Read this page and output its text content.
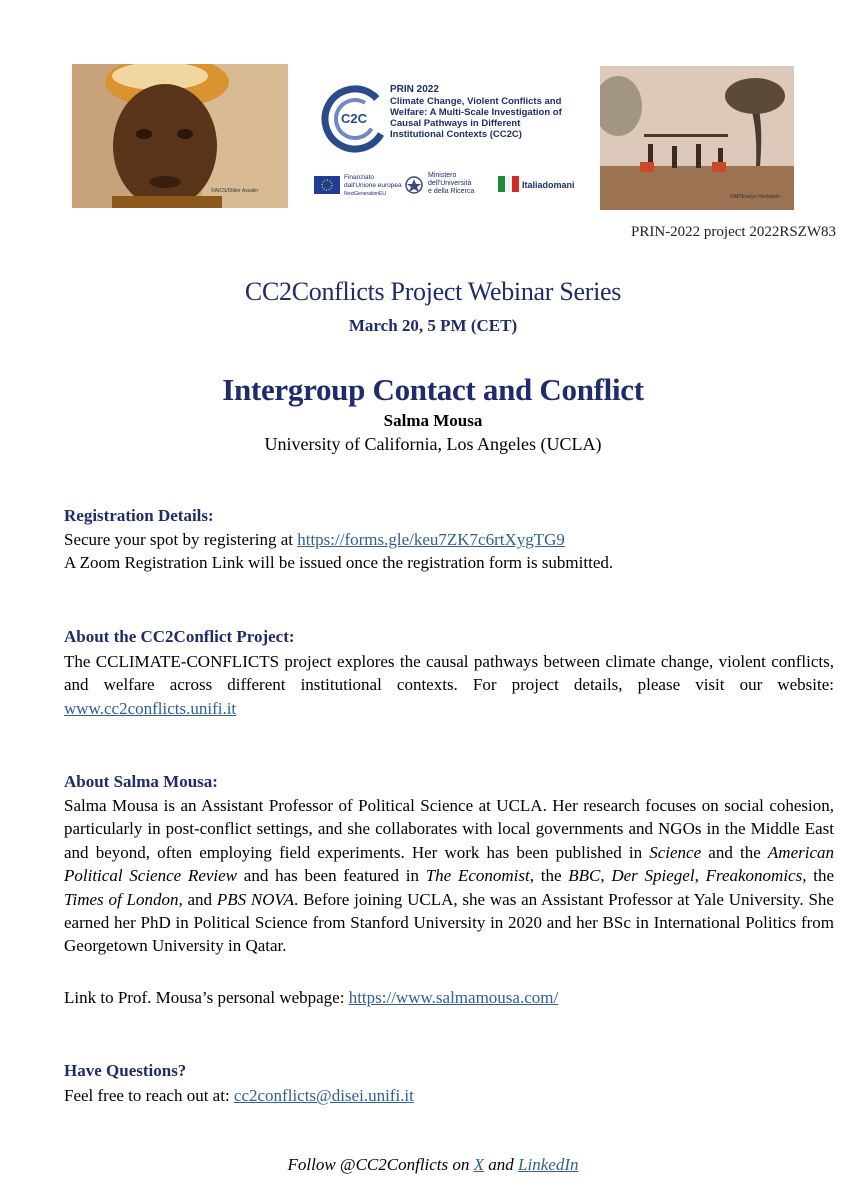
©AICS/Didier Assalin
©AP/Evelyn Hockstein
C2C
PRIN 2022
Climate Change, Violent Conflicts and
Welfare: A Multi-Scale Investigation of
Causal Pathways in Different
Institutional Contexts (CC2C)
Finanziato
dall'Unione europea
NextGenerationEU
Ministero
dell'Università
e della Ricerca
Italiadomani
PRIN-2022 project 2022RSZW83
CC2Conflicts Project Webinar Series
March 20, 5 PM (CET)
Intergroup Contact and Conflict
Salma Mousa
University of California, Los Angeles (UCLA)
Registration Details:
Secure your spot by registering at https://forms.gle/keu7ZK7c6rtXygTG9
A Zoom Registration Link will be issued once the registration form is submitted.
About the CC2Conflict Project:
The CCLIMATE-CONFLICTS project explores the causal pathways between climate change, violent conflicts, and welfare across different institutional contexts. For project details, please visit our website: www.cc2conflicts.unifi.it
About Salma Mousa:
Salma Mousa is an Assistant Professor of Political Science at UCLA. Her research focuses on social cohesion, particularly in post-conflict settings, and she collaborates with local governments and NGOs in the Middle East and beyond, often employing field experiments. Her work has been published in Science and the American Political Science Review and has been featured in The Economist, the BBC, Der Spiegel, Freakonomics, the Times of London, and PBS NOVA. Before joining UCLA, she was an Assistant Professor at Yale University. She earned her PhD in Political Science from Stanford University in 2020 and her BSc in International Politics from Georgetown University in Qatar.
Link to Prof. Mousa’s personal webpage: https://www.salmamousa.com/
Have Questions?
Feel free to reach out at: cc2conflicts@disei.unifi.it
Follow @CC2Conflicts on X and LinkedIn
